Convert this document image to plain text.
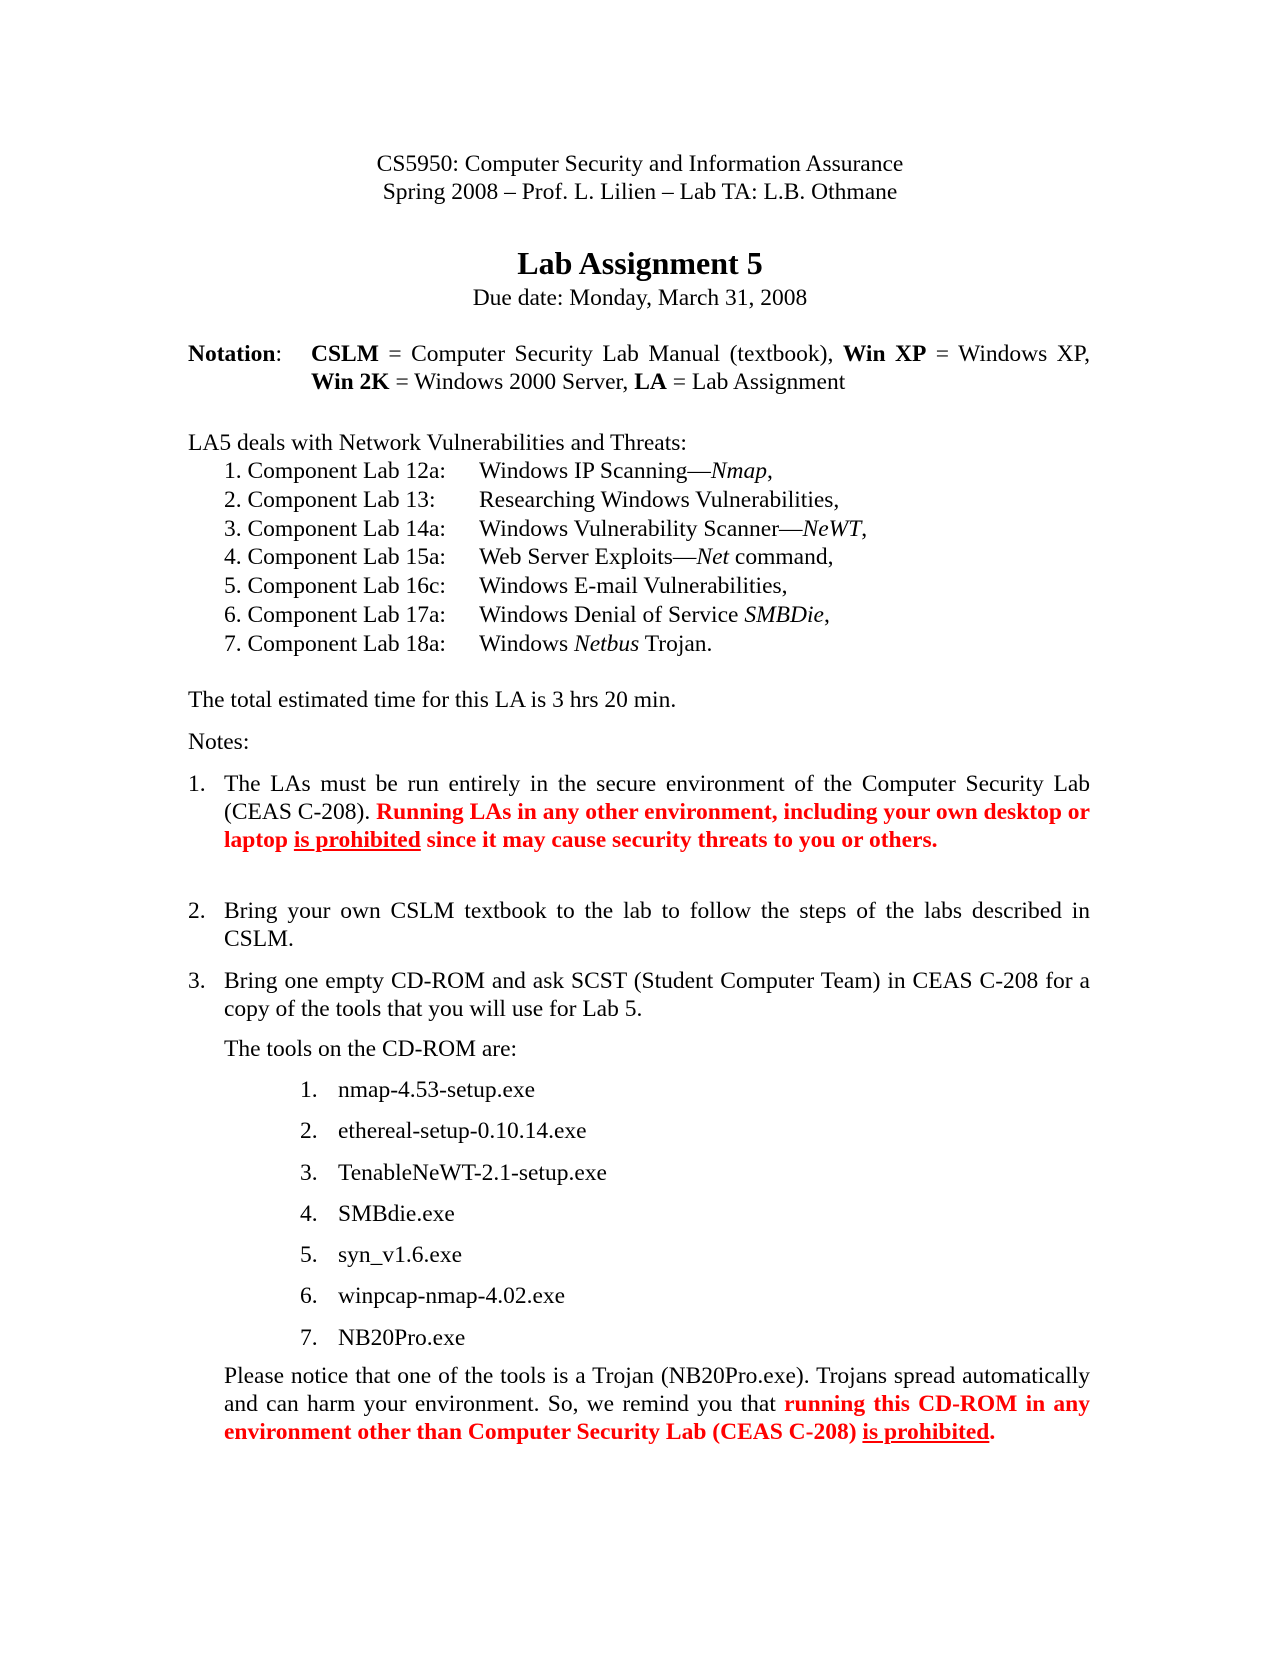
CS5950: Computer Security and Information Assurance
Spring 2008 – Prof. L. Lilien – Lab TA: L.B. Othmane
Lab Assignment 5
Due date: Monday, March 31, 2008
Notation: CSLM = Computer Security Lab Manual (textbook), Win XP = Windows XP, Win 2K = Windows 2000 Server, LA = Lab Assignment
LA5 deals with Network Vulnerabilities and Threats:
1. Component Lab 12a: Windows IP Scanning—Nmap,
2. Component Lab 13: Researching Windows Vulnerabilities,
3. Component Lab 14a: Windows Vulnerability Scanner—NeWT,
4. Component Lab 15a: Web Server Exploits—Net command,
5. Component Lab 16c: Windows E-mail Vulnerabilities,
6. Component Lab 17a: Windows Denial of Service SMBDie,
7. Component Lab 18a: Windows Netbus Trojan.
The total estimated time for this LA is 3 hrs 20 min.
Notes:
1. The LAs must be run entirely in the secure environment of the Computer Security Lab (CEAS C-208). Running LAs in any other environment, including your own desktop or laptop is prohibited since it may cause security threats to you or others.
2. Bring your own CSLM textbook to the lab to follow the steps of the labs described in CSLM.
3. Bring one empty CD-ROM and ask SCST (Student Computer Team) in CEAS C-208 for a copy of the tools that you will use for Lab 5.
The tools on the CD-ROM are:
1. nmap-4.53-setup.exe
2. ethereal-setup-0.10.14.exe
3. TenableNeWT-2.1-setup.exe
4. SMBdie.exe
5. syn_v1.6.exe
6. winpcap-nmap-4.02.exe
7. NB20Pro.exe
Please notice that one of the tools is a Trojan (NB20Pro.exe). Trojans spread automatically and can harm your environment. So, we remind you that running this CD-ROM in any environment other than Computer Security Lab (CEAS C-208) is prohibited.
